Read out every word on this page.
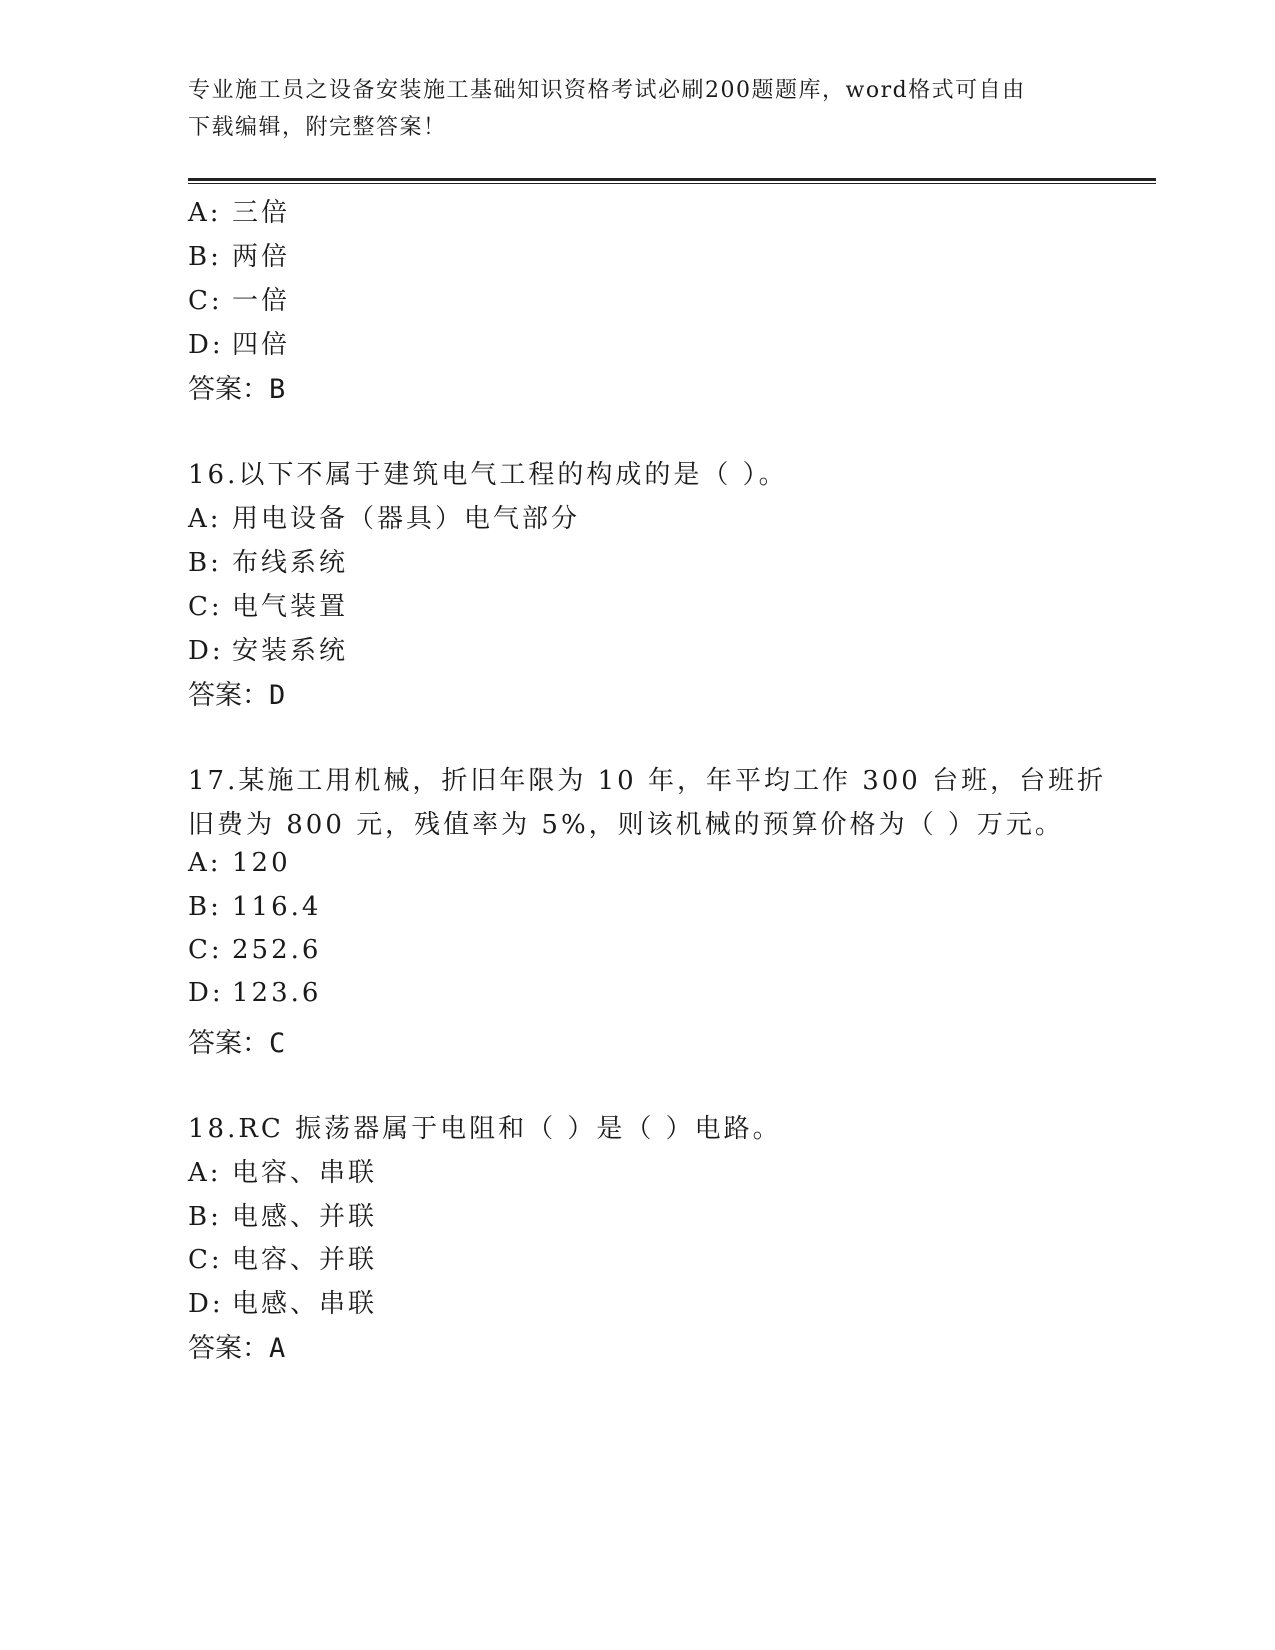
专业施工员之设备安装施工基础知识资格考试必刷200题题库，word格式可自由
下载编辑，附完整答案！
A: 三倍
B: 两倍
C: 一倍
D: 四倍
答案：B
16.以下不属于建筑电气工程的构成的是（ ）。
A: 用电设备（器具）电气部分
B: 布线系统
C: 电气装置
D: 安装系统
答案：D
17.某施工用机械，折旧年限为 10 年，年平均工作 300 台班，台班折
旧费为 800 元，残值率为 5%，则该机械的预算价格为（ ）万元。
A: 120
B: 116.4
C: 252.6
D: 123.6
答案：C
18.RC 振荡器属于电阻和（ ）是（ ）电路。
A: 电容、串联
B: 电感、并联
C: 电容、并联
D: 电感、串联
答案：A
